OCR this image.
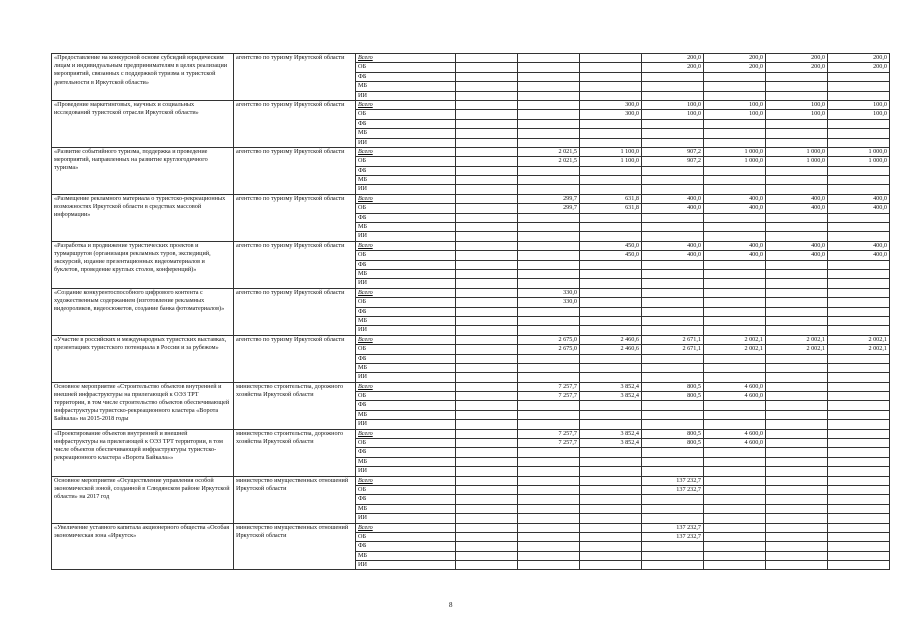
«Предоставление на конкурсной основе субсидий юридическим лицам и индивидуальным предпринимателям в целях реализации мероприятий, связанных с поддержкой туризма и туристской деятельности в Иркутской области»	агентство по туризму Иркутской области	Всего				200,0	200,0	200,0	200,0
		ОБ				200,0	200,0	200,0	200,0
		ФБ							
		МБ							
		ИИ							
«Проведение маркетинговых, научных и социальных исследований туристской отрасли Иркутской области»	агентство по туризму Иркутской области	Всего			300,0	100,0	100,0	100,0	100,0
		ОБ			300,0	100,0	100,0	100,0	100,0
		ФБ							
		МБ							
		ИИ							
«Развитие событийного туризма, поддержка и проведение мероприятий, направленных на развитие круглогодичного туризма»	агентство по туризму Иркутской области	Всего		2 021,5	1 100,0	907,2	1 000,0	1 000,0	1 000,0
		ОБ		2 021,5	1 100,0	907,2	1 000,0	1 000,0	1 000,0
		ФБ							
		МБ							
		ИИ							
«Размещение рекламного материала о туристско-рекреационных возможностях Иркутской области в средствах массовой информации»	агентство по туризму Иркутской области	Всего		299,7	631,8	400,0	400,0	400,0	400,0
		ОБ		299,7	631,8	400,0	400,0	400,0	400,0
		ФБ							
		МБ							
		ИИ							
«Разработка и продвижение туристических проектов и турмаршрутов (организация рекламных туров, экспедиций, экскурсий, издание презентационных видеоматериалов и буклетов, проведение круглых столов, конференций)»	агентство по туризму Иркутской области	Всего			450,0	400,0	400,0	400,0	400,0
		ОБ			450,0	400,0	400,0	400,0	400,0
		ФБ							
		МБ							
		ИИ							
«Создание конкурентоспособного цифрового контента с художественным содержанием (изготовление рекламных видеороликов, видеосюжетов, создание банка фотоматериалов)»	агентство по туризму Иркутской области	Всего		330,0					
		ОБ		330,0					
		ФБ							
		МБ							
		ИИ							
«Участие в российских и международных туристских выставках, презентациях туристского потенциала в России и за рубежом»	агентство по туризму Иркутской области	Всего		2 675,0	2 460,6	2 671,1	2 002,1	2 002,1	2 002,1
		ОБ		2 675,0	2 460,6	2 671,1	2 002,1	2 002,1	2 002,1
		ФБ							
		МБ							
		ИИ							
Основное мероприятие «Строительство объектов внутренней и внешней инфраструктуры на прилегающей к ОЭЗ ТРТ территории, в том числе строительство объектов обеспечивающей инфраструктуры туристско-рекреационного кластера «Ворота Байкала» на 2015-2018 годы	министерство строительства, дорожного хозяйства Иркутской области	Всего		7 257,7	3 852,4	800,5	4 600,0		
		ОБ		7 257,7	3 852,4	800,5	4 600,0		
		ФБ							
		МБ							
		ИИ							
«Проектирование объектов внутренней и внешней инфраструктуры на прилегающей к ОЭЗ ТРТ территории, в том числе объектов обеспечивающей инфраструктуры туристско-рекреационного кластера «Ворота Байкала»»	министерство строительства, дорожного хозяйства Иркутской области	Всего		7 257,7	3 852,4	800,5	4 600,0		
		ОБ		7 257,7	3 852,4	800,5	4 600,0		
		ФБ							
		МБ							
		ИИ							
Основное мероприятие «Осуществление управления особой экономической зоной, созданной в Слюдянском районе Иркутской области» на 2017 год	министерство имущественных отношений Иркутской области	Всего				137 232,7			
		ОБ				137 232,7			
		ФБ							
		МБ							
		ИИ							
«Увеличение уставного капитала акционерного общества «Особая экономическая зона «Иркутск»	министерство имущественных отношений Иркутской области	Всего				137 232,7			
		ОБ				137 232,7			
		ФБ							
		МБ							
		ИИ							
8
